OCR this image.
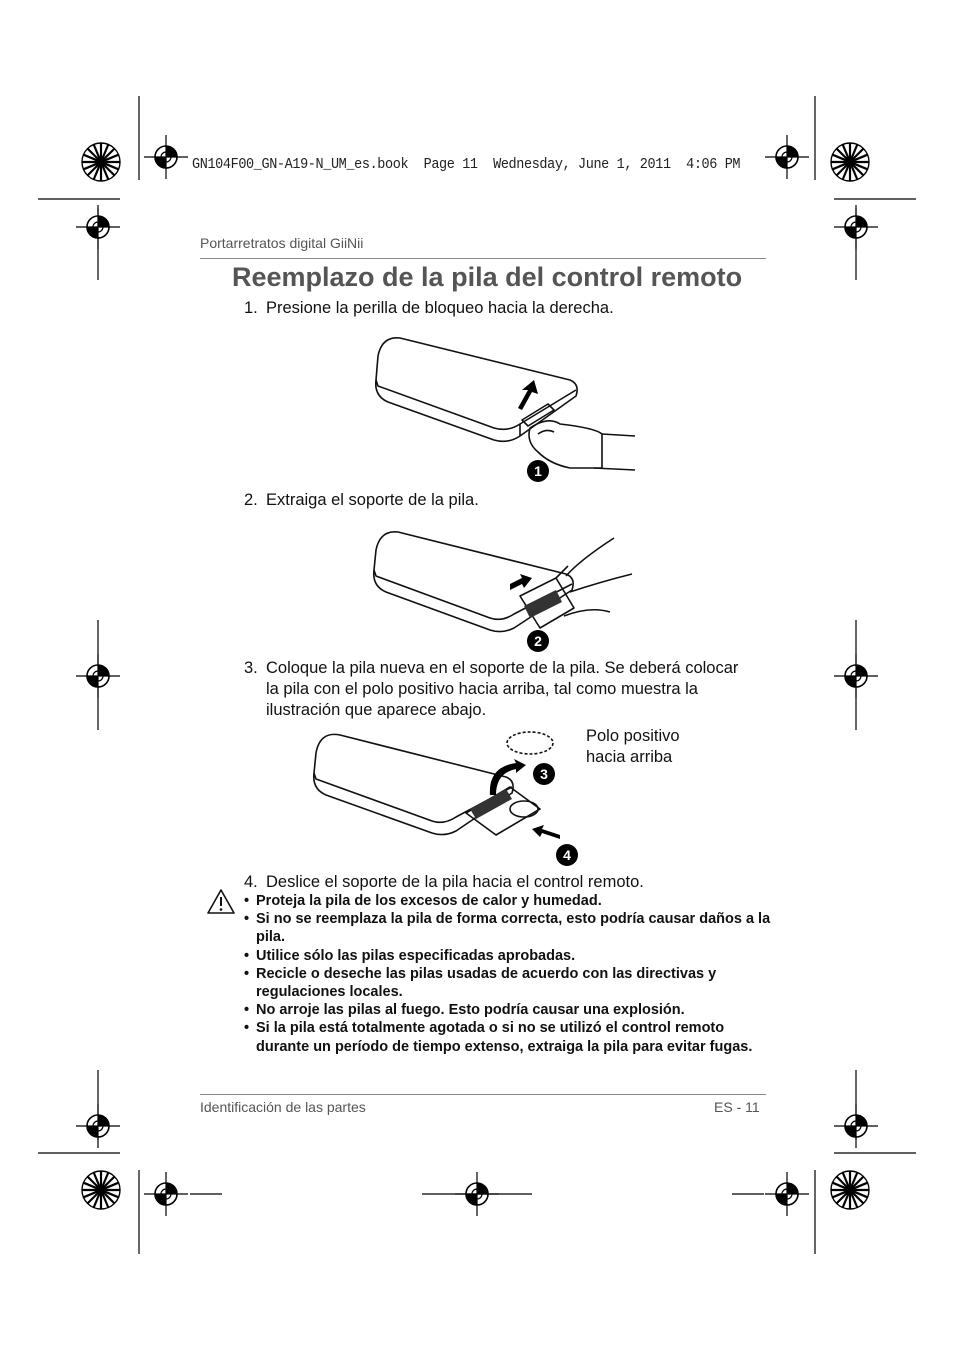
GN104F00_GN-A19-N_UM_es.book  Page 11  Wednesday, June 1, 2011  4:06 PM
Portarretratos digital GiiNii
Reemplazo de la pila del control remoto
1. Presione la perilla de bloqueo hacia la derecha.
1
2. Extraiga el soporte de la pila.
2
3. Coloque la pila nueva en el soporte de la pila. Se deberá colocar la pila con el polo positivo hacia arriba, tal como muestra la ilustración que aparece abajo.
Polo positivo
hacia arriba
3
4
4. Deslice el soporte de la pila hacia el control remoto.
• Proteja la pila de los excesos de calor y humedad.
• Si no se reemplaza la pila de forma correcta, esto podría causar daños a la pila.
• Utilice sólo las pilas especificadas aprobadas.
• Recicle o deseche las pilas usadas de acuerdo con las directivas y regulaciones locales.
• No arroje las pilas al fuego. Esto podría causar una explosión.
• Si la pila está totalmente agotada o si no se utilizó el control remoto durante un período de tiempo extenso, extraiga la pila para evitar fugas.
Identificación de las partes	ES - 11
